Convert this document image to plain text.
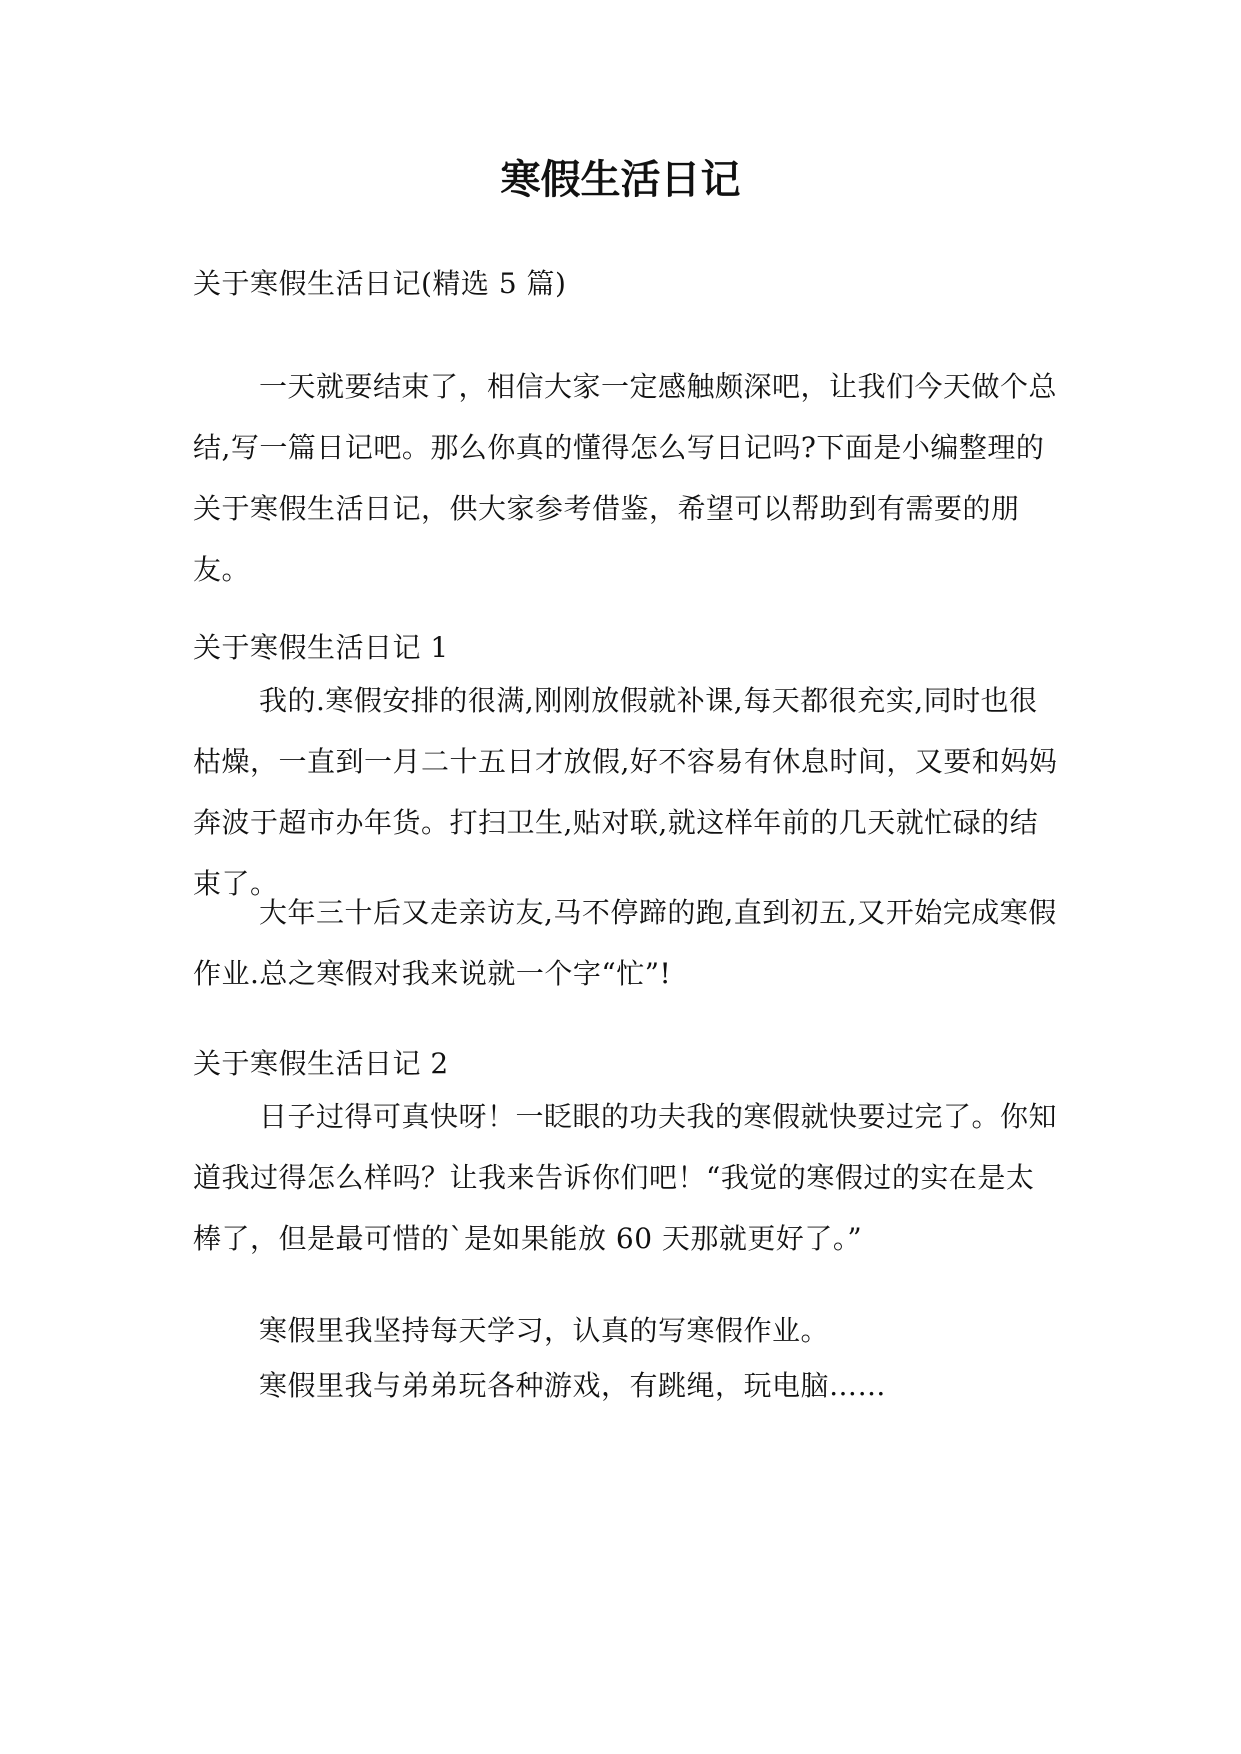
寒假生活日记

关于寒假生活日记(精选 5 篇)

一天就要结束了，相信大家一定感触颇深吧，让我们今天做个总结,写一篇日记吧。那么你真的懂得怎么写日记吗?下面是小编整理的关于寒假生活日记，供大家参考借鉴，希望可以帮助到有需要的朋友。

关于寒假生活日记 1

我的.寒假安排的很满,刚刚放假就补课,每天都很充实,同时也很枯燥，一直到一月二十五日才放假,好不容易有休息时间，又要和妈妈奔波于超市办年货。打扫卫生,贴对联,就这样年前的几天就忙碌的结束了。

大年三十后又走亲访友,马不停蹄的跑,直到初五,又开始完成寒假作业.总之寒假对我来说就一个字“忙”!

关于寒假生活日记 2

日子过得可真快呀！一眨眼的功夫我的寒假就快要过完了。你知道我过得怎么样吗？让我来告诉你们吧！“我觉的寒假过的实在是太棒了，但是最可惜的`是如果能放 60 天那就更好了。”

寒假里我坚持每天学习，认真的写寒假作业。

寒假里我与弟弟玩各种游戏，有跳绳，玩电脑……
